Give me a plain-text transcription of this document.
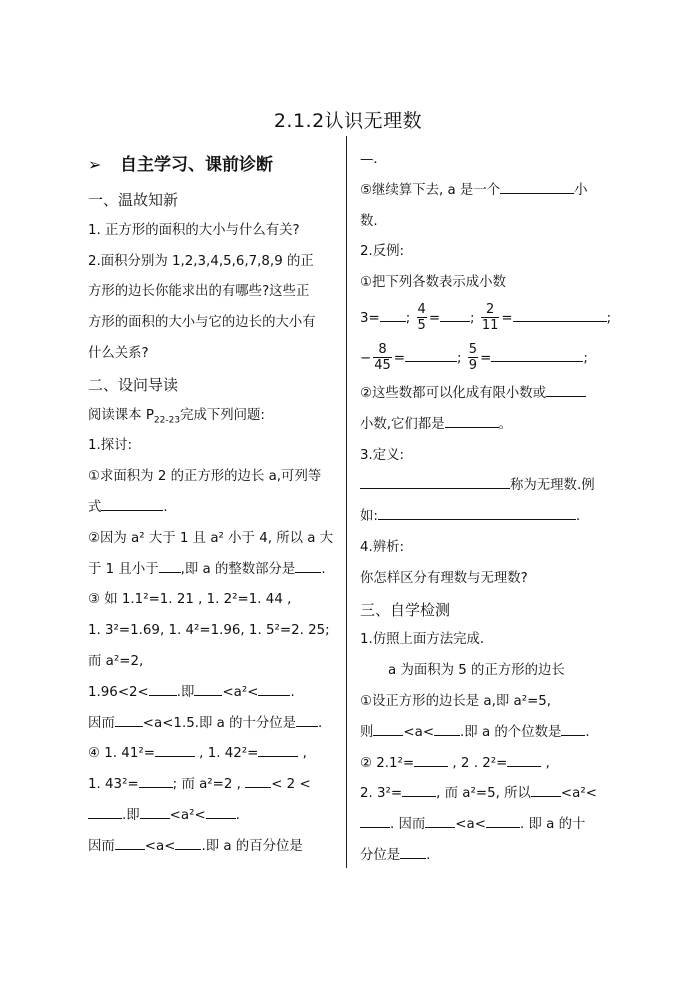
2.1.2认识无理数
➢ 自主学习、课前诊断
一、温故知新
1. 正方形的面积的大小与什么有关?
2.面积分别为 1,2,3,4,5,6,7,8,9 的正
方形的边长你能求出的有哪些?这些正
方形的面积的大小与它的边长的大小有
什么关系?
二、设问导读
阅读课本 $P_{22-23}$完成下列问题:
1.探讨:
①求面积为 2 的正方形的边长 a,可列等
式	.
②因为 a² 大于 1 且 a² 小于 4, 所以 a 大
于 1 且小于 ,即 a 的整数部分是 .
③ 如 1.1²=1. 21 , 1. 2²=1. 44 ,
1. 3²=1.69, 1. 4²=1.96, 1. 5²=2. 25;
而 a²=2,
1.96<2< .即 <a²< .
因而 <a<1.5.即 a 的十分位是 .
④ 1. 41²=	, 1. 42²=	,
1. 43²=	; 而 a²=2 , < 2 <
.即 <a²< .
因而 <a< .即 a 的百分位是
—.
⑤继续算下去, a 是一个	小
数.
2.反例:
①把下列各数表示成小数
3= ; $\frac{4}{5}$ = ; $\frac{2}{11}$ =	;
− $\frac{8}{45}$ =	; $\frac{5}{9}$ =	;
②这些数都可以化成有限小数或
小数,它们都是	。
3.定义:
称为无理数.例
如:	.
4.辨析:
你怎样区分有理数与无理数?
三、自学检测
1.仿照上面方法完成.
a 为面积为 5 的正方形的边长
①设正方形的边长是 a,即 a²=5,
则 <a< .即 a 的个位数是 .
② 2.1²=	, 2 . 2²=	,
2. 3²=	, 而 a²=5, 所以 <a²<
. 因而 <a<	. 即 a 的十
分位是 .
